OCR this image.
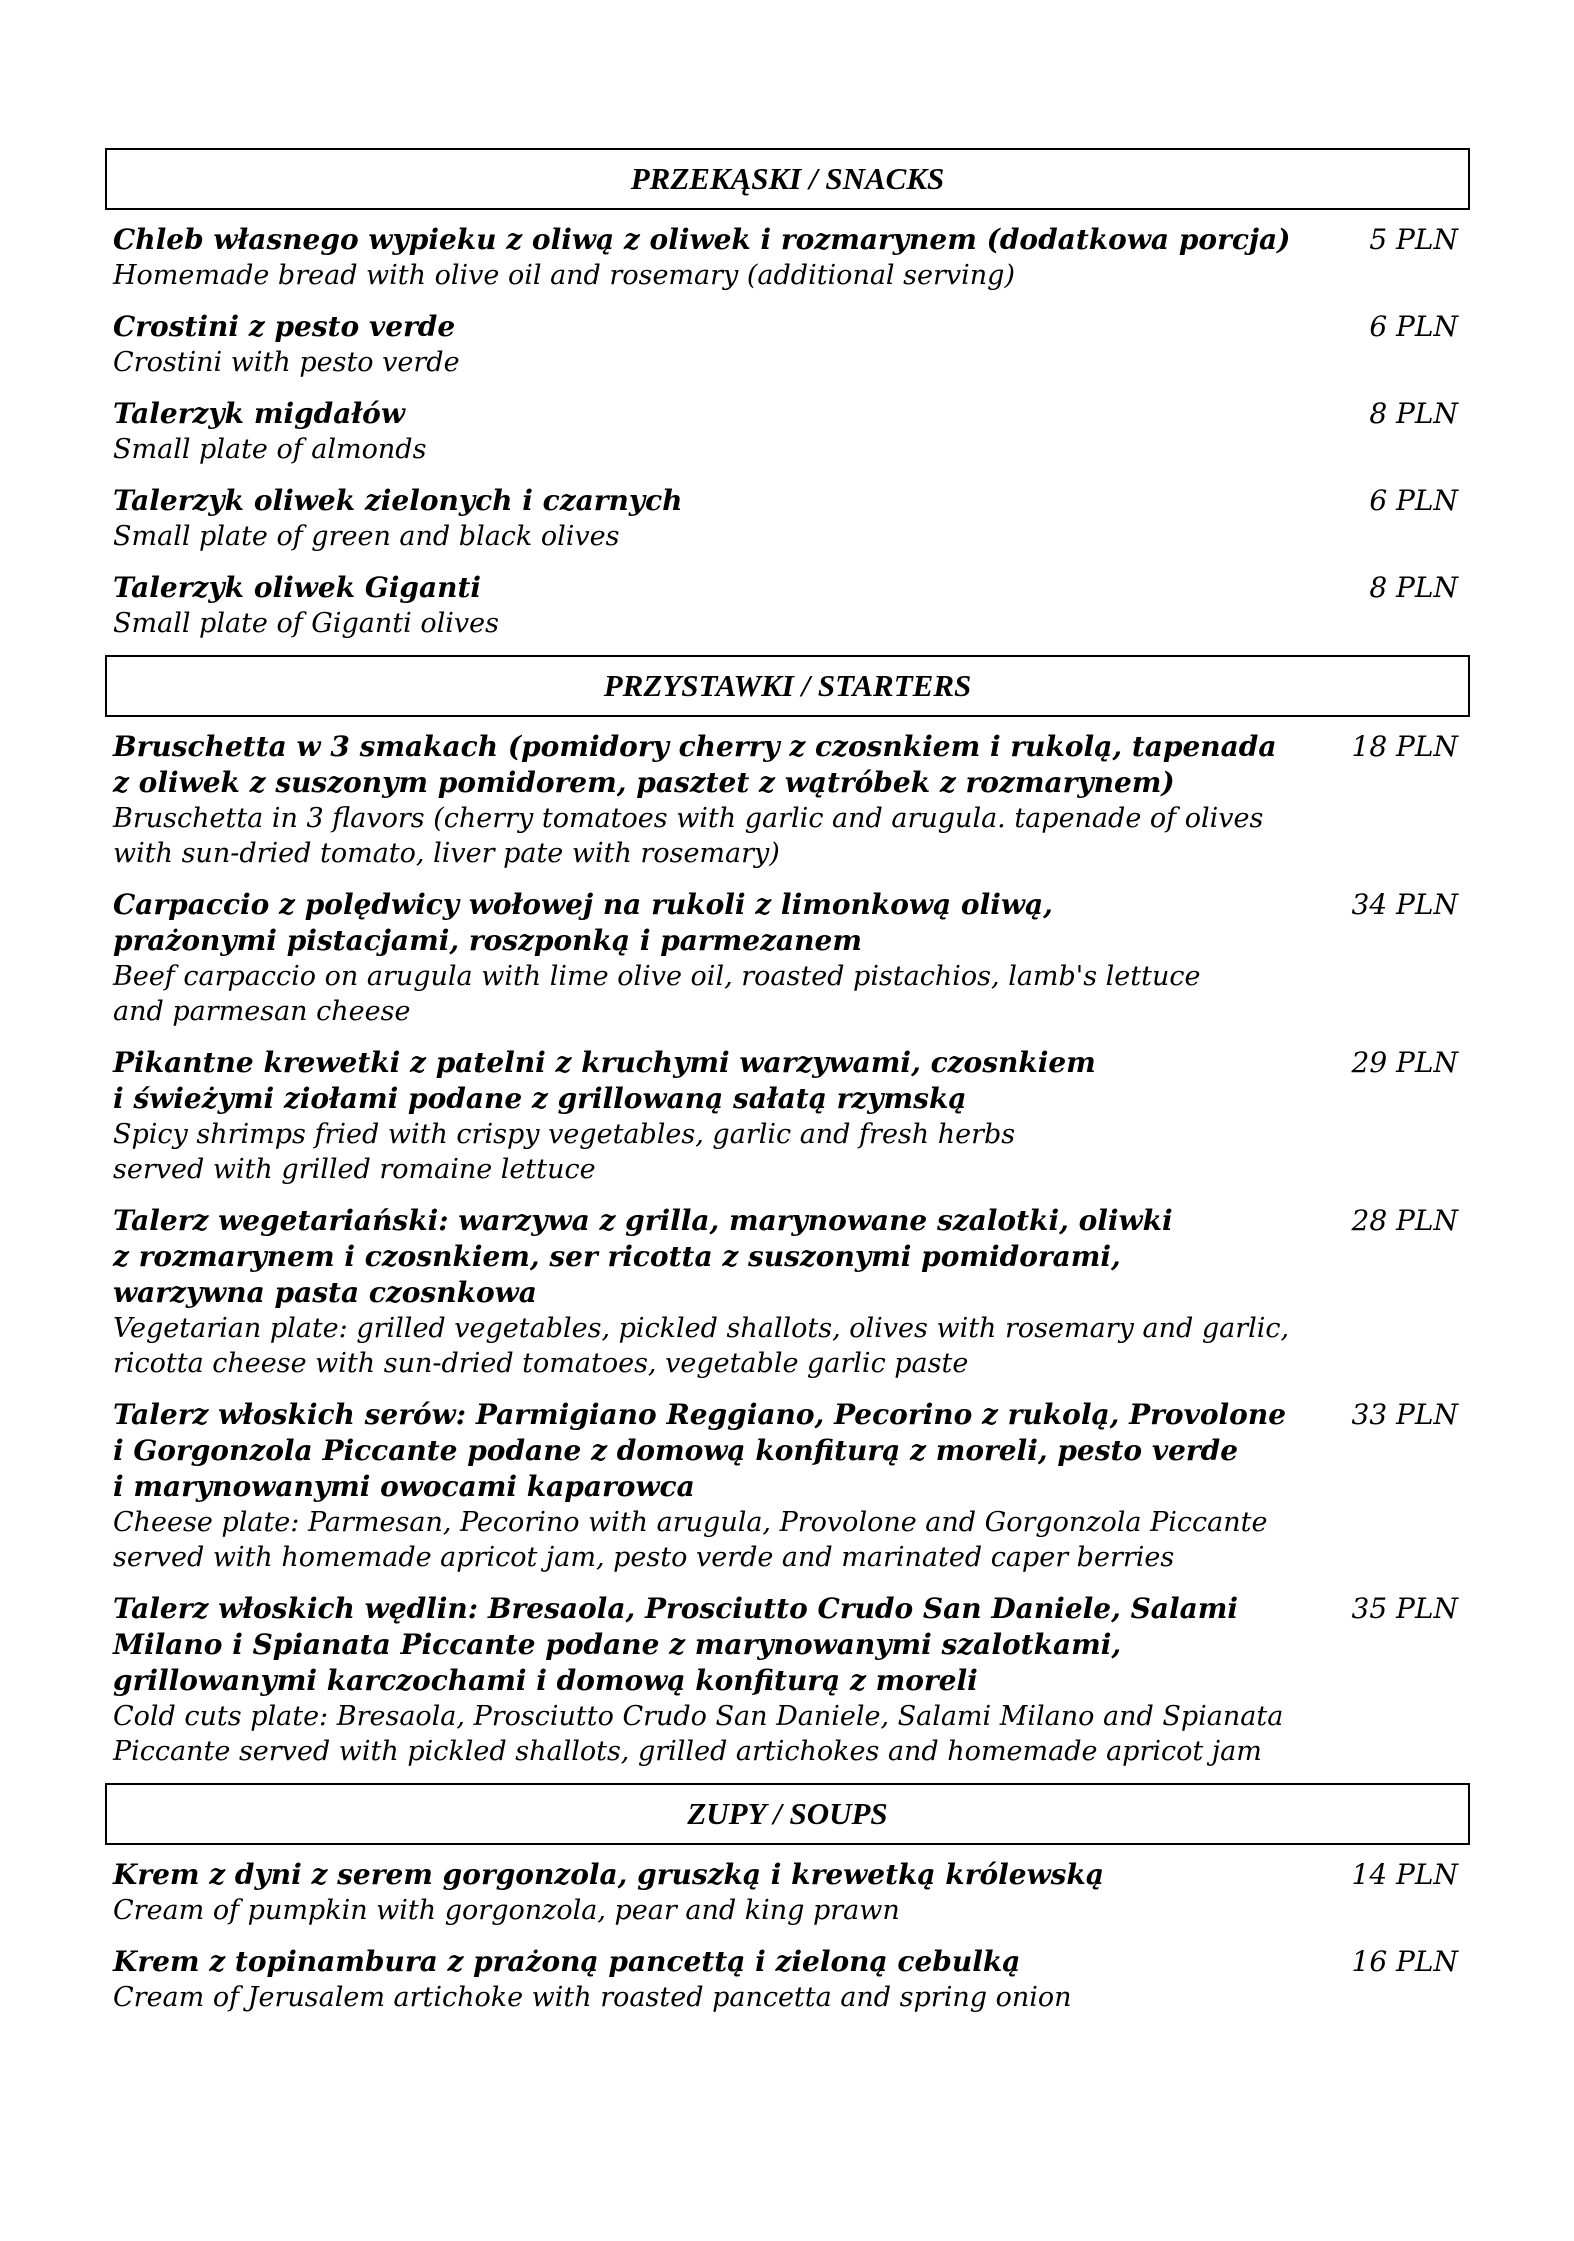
PRZEKĄSKI / SNACKS
Chleb własnego wypieku z oliwą z oliwek i rozmarynem (dodatkowa porcja)
Homemade bread with olive oil and rosemary (additional serving)
5 PLN
Crostini z pesto verde
Crostini with pesto verde
6 PLN
Talerzyk migdałów
Small plate of almonds
8 PLN
Talerzyk oliwek zielonych i czarnych
Small plate of green and black olives
6 PLN
Talerzyk oliwek Giganti
Small plate of Giganti olives
8 PLN
PRZYSTAWKI / STARTERS
Bruschetta w 3 smakach (pomidory cherry z czosnkiem i rukolą, tapenada
z oliwek z suszonym pomidorem, pasztet z wątróbek z rozmarynem)
Bruschetta in 3 flavors (cherry tomatoes with garlic and arugula. tapenade of olives
with sun-dried tomato, liver pate with rosemary)
18 PLN
Carpaccio z polędwicy wołowej na rukoli z limonkową oliwą,
prażonymi pistacjami, roszponką i parmezanem
Beef carpaccio on arugula with lime olive oil, roasted pistachios, lamb's lettuce
and parmesan cheese
34 PLN
Pikantne krewetki z patelni z kruchymi warzywami, czosnkiem
i świeżymi ziołami podane z grillowaną sałatą rzymską
Spicy shrimps fried with crispy vegetables, garlic and fresh herbs
served with grilled romaine lettuce
29 PLN
Talerz wegetariański: warzywa z grilla, marynowane szalotki, oliwki
z rozmarynem i czosnkiem, ser ricotta z suszonymi pomidorami,
warzywna pasta czosnkowa
Vegetarian plate: grilled vegetables, pickled shallots, olives with rosemary and garlic,
ricotta cheese with sun-dried tomatoes, vegetable garlic paste
28 PLN
Talerz włoskich serów: Parmigiano Reggiano, Pecorino z rukolą, Provolone
i Gorgonzola Piccante podane z domową konfiturą z moreli, pesto verde
i marynowanymi owocami kaparowca
Cheese plate: Parmesan, Pecorino with arugula, Provolone and Gorgonzola Piccante
served with homemade apricot jam, pesto verde and marinated caper berries
33 PLN
Talerz włoskich wędlin: Bresaola, Prosciutto Crudo San Daniele, Salami
Milano i Spianata Piccante podane z marynowanymi szalotkami,
grillowanymi karczochami i domową konfiturą z moreli
Cold cuts plate: Bresaola, Prosciutto Crudo San Daniele, Salami Milano and Spianata
Piccante served with pickled shallots, grilled artichokes and homemade apricot jam
35 PLN
ZUPY / SOUPS
Krem z dyni z serem gorgonzola, gruszką i krewetką królewską
Cream of pumpkin with gorgonzola, pear and king prawn
14 PLN
Krem z topinambura z prażoną pancettą i zieloną cebulką
Cream of Jerusalem artichoke with roasted pancetta and spring onion
16 PLN
